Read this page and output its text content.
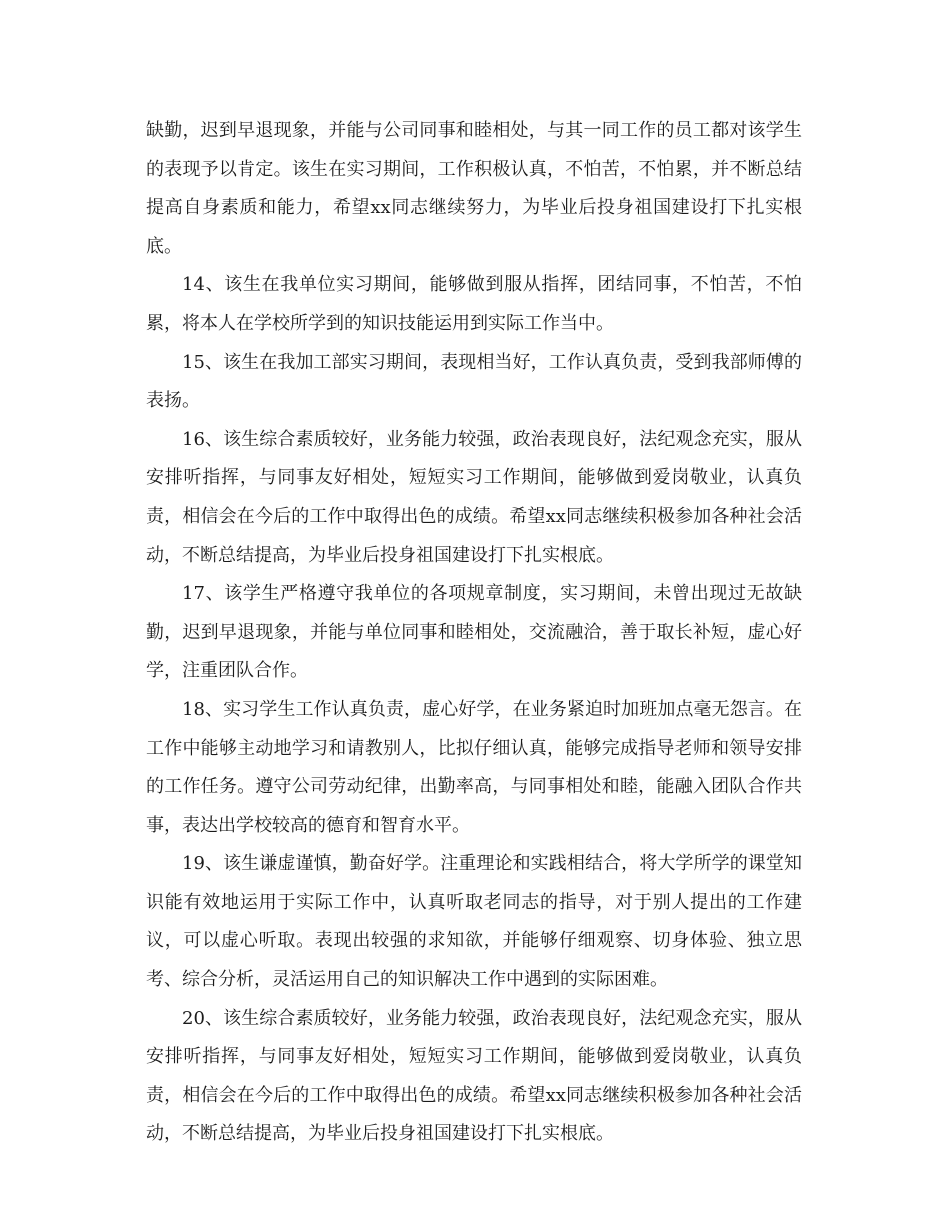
缺勤，迟到早退现象，并能与公司同事和睦相处，与其一同工作的员工都对该学生的表现予以肯定。该生在实习期间，工作积极认真，不怕苦，不怕累，并不断总结提高自身素质和能力，希望xx同志继续努力，为毕业后投身祖国建设打下扎实根底。

14、该生在我单位实习期间，能够做到服从指挥，团结同事，不怕苦，不怕累，将本人在学校所学到的知识技能运用到实际工作当中。

15、该生在我加工部实习期间，表现相当好，工作认真负责，受到我部师傅的表扬。

16、该生综合素质较好，业务能力较强，政治表现良好，法纪观念充实，服从安排听指挥，与同事友好相处，短短实习工作期间，能够做到爱岗敬业，认真负责，相信会在今后的工作中取得出色的成绩。希望xx同志继续积极参加各种社会活动，不断总结提高，为毕业后投身祖国建设打下扎实根底。

17、该学生严格遵守我单位的各项规章制度，实习期间，未曾出现过无故缺勤，迟到早退现象，并能与单位同事和睦相处，交流融洽，善于取长补短，虚心好学，注重团队合作。

18、实习学生工作认真负责，虚心好学，在业务紧迫时加班加点毫无怨言。在工作中能够主动地学习和请教别人，比拟仔细认真，能够完成指导老师和领导安排的工作任务。遵守公司劳动纪律，出勤率高，与同事相处和睦，能融入团队合作共事，表达出学校较高的德育和智育水平。

19、该生谦虚谨慎，勤奋好学。注重理论和实践相结合，将大学所学的课堂知识能有效地运用于实际工作中，认真听取老同志的指导，对于别人提出的工作建议，可以虚心听取。表现出较强的求知欲，并能够仔细观察、切身体验、独立思考、综合分析，灵活运用自己的知识解决工作中遇到的实际困难。

20、该生综合素质较好，业务能力较强，政治表现良好，法纪观念充实，服从安排听指挥，与同事友好相处，短短实习工作期间，能够做到爱岗敬业，认真负责，相信会在今后的工作中取得出色的成绩。希望xx同志继续积极参加各种社会活动，不断总结提高，为毕业后投身祖国建设打下扎实根底。
